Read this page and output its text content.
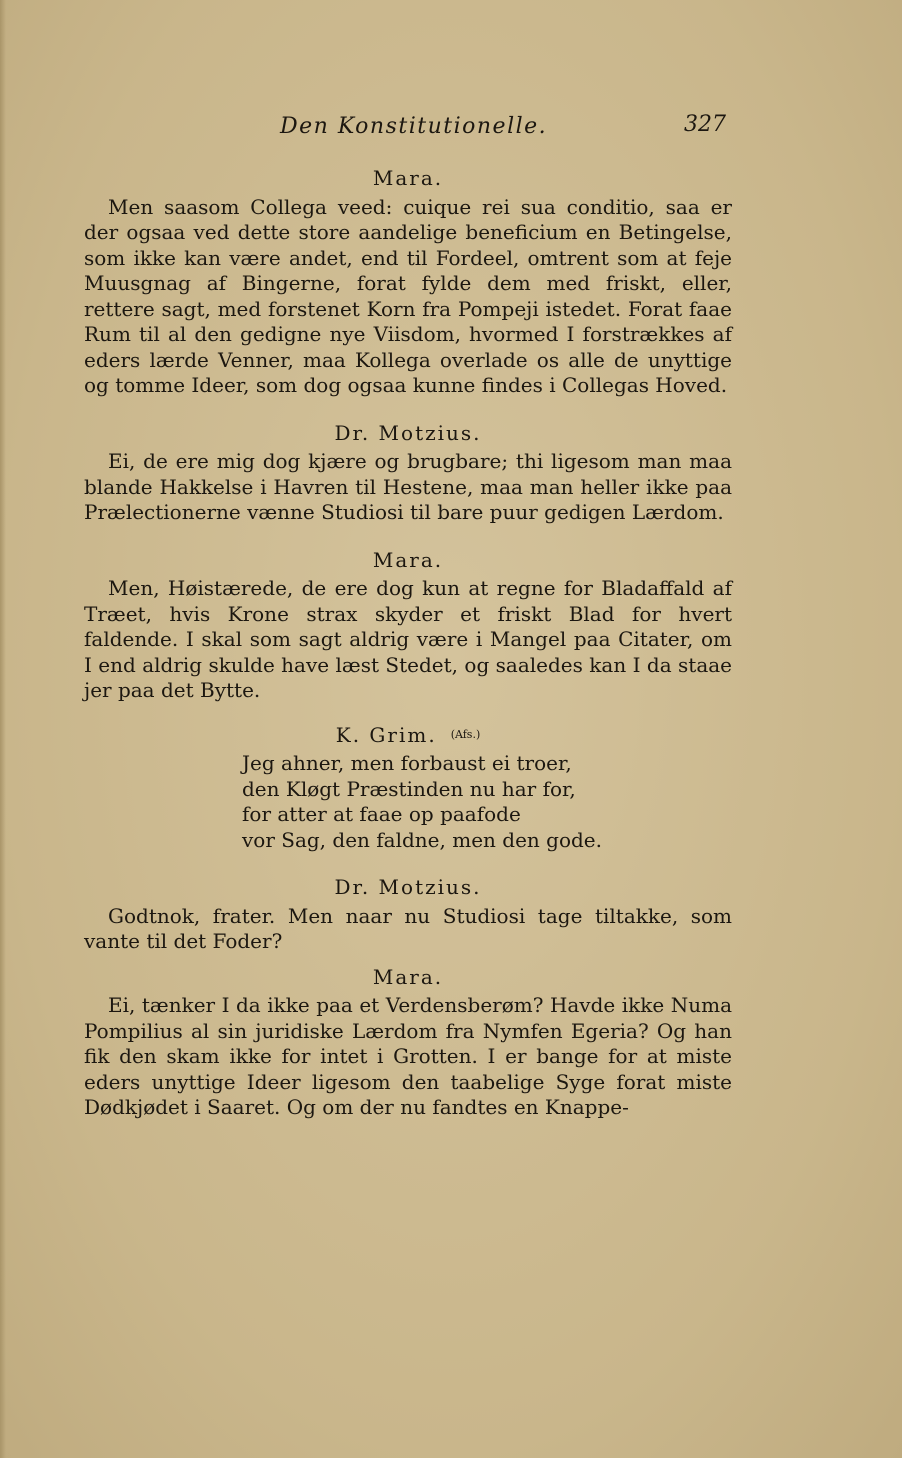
Den Konstitutionelle.	327
Mara.

Men saasom Collega veed: cuique rei sua conditio, saa er der ogsaa ved dette store aandelige beneficium en Betingelse, som ikke kan være andet, end til Fordeel, omtrent som at feje Muusgnag af Bingerne, forat fylde dem med friskt, eller, rettere sagt, med forstenet Korn fra Pompeji istedet. Forat faae Rum til al den gedigne nye Viisdom, hvormed I forstrækkes af eders lærde Venner, maa Kollega overlade os alle de unyttige og tomme Ideer, som dog ogsaa kunne findes i Collegas Hoved.

Dr. Motzius.

Ei, de ere mig dog kjære og brugbare; thi ligesom man maa blande Hakkelse i Havren til Hestene, maa man heller ikke paa Prælectionerne vænne Studiosi til bare puur gedigen Lærdom.

Mara.

Men, Høistærede, de ere dog kun at regne for Bladaffald af Træet, hvis Krone strax skyder et friskt Blad for hvert faldende. I skal som sagt aldrig være i Mangel paa Citater, om I end aldrig skulde have læst Stedet, og saaledes kan I da staae jer paa det Bytte.

K. Grim. $^{(Afs.)}$
Jeg ahner, men forbaust ei troer,
den Kløgt Præstinden nu har for,
for atter at faae op paafode
vor Sag, den faldne, men den gode.
Dr. Motzius.

Godtnok, frater. Men naar nu Studiosi tage tiltakke, som vante til det Foder?

Mara.

Ei, tænker I da ikke paa et Verdensberøm? Havde ikke Numa Pompilius al sin juridiske Lærdom fra Nymfen Egeria? Og han fik den skam ikke for intet i Grotten. I er bange for at miste eders unyttige Ideer ligesom den taabelige Syge forat miste Dødkjødet i Saaret. Og om der nu fandtes en Knappe-
